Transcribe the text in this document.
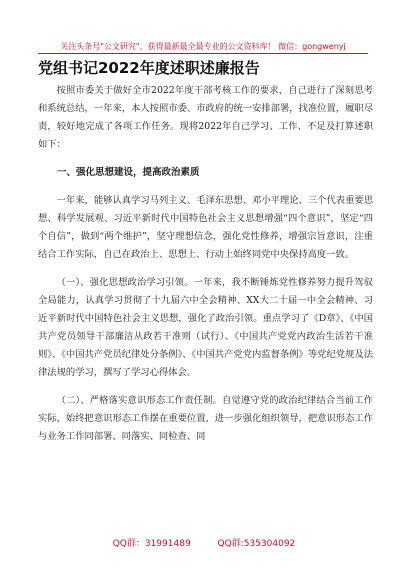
关注头条号"公文研究"，获得最新最全最专业的公文资料库！ 微信：gongwenyj
党组书记2022年度述职述廉报告

按照市委关于做好全市2022年度干部考核工作的要求，自己进行了深刻思考和系统总结，一年来，本人按照市委、市政府的统一安排部署，找准位置，履职尽责，较好地完成了各项工作任务。现将2022年自己学习、工作、不足及打算述职如下：

一、强化思想建设，提高政治素质

一年来，能够认真学习马列主义、毛泽东思想、邓小平理论、三个代表重要思想、科学发展观、习近平新时代中国特色社会主义思想增强“四个意识”，坚定“四个自信”，做到“两个维护”，坚守理想信念，强化党性修养，增强宗旨意识，注重结合工作实际，自己在政治上、思想上、行动上始终同党中央保持高度一致。

（一）、强化思想政治学习引领。一年来，我不断锤炼党性修养努力提升驾驭全局能力，认真学习贯彻了十九届六中全会精神、XX大二十届一中全会精神、习近平新时代中国特色社会主义思想，强化了政治引领。重点学习了《D章》、《中国共产党员领导干部廉洁从政若干准则（试行）、《中国共产党党内政治生活若干准则》、《中国共产党员纪律处分条例》、《中国共产党党内监督条例》等党纪党规及法律法规的学习，撰写了学习心得体会。

（二）、严格落实意识形态工作责任制。自觉遵守党的政治纪律结合当前工作实际，始终把意识形态工作摆在重要位置，进一步强化组织领导，把意识形态工作与业务工作同部署、同落实、同检查、同

QQ群：31991489	QQ群:535304092
